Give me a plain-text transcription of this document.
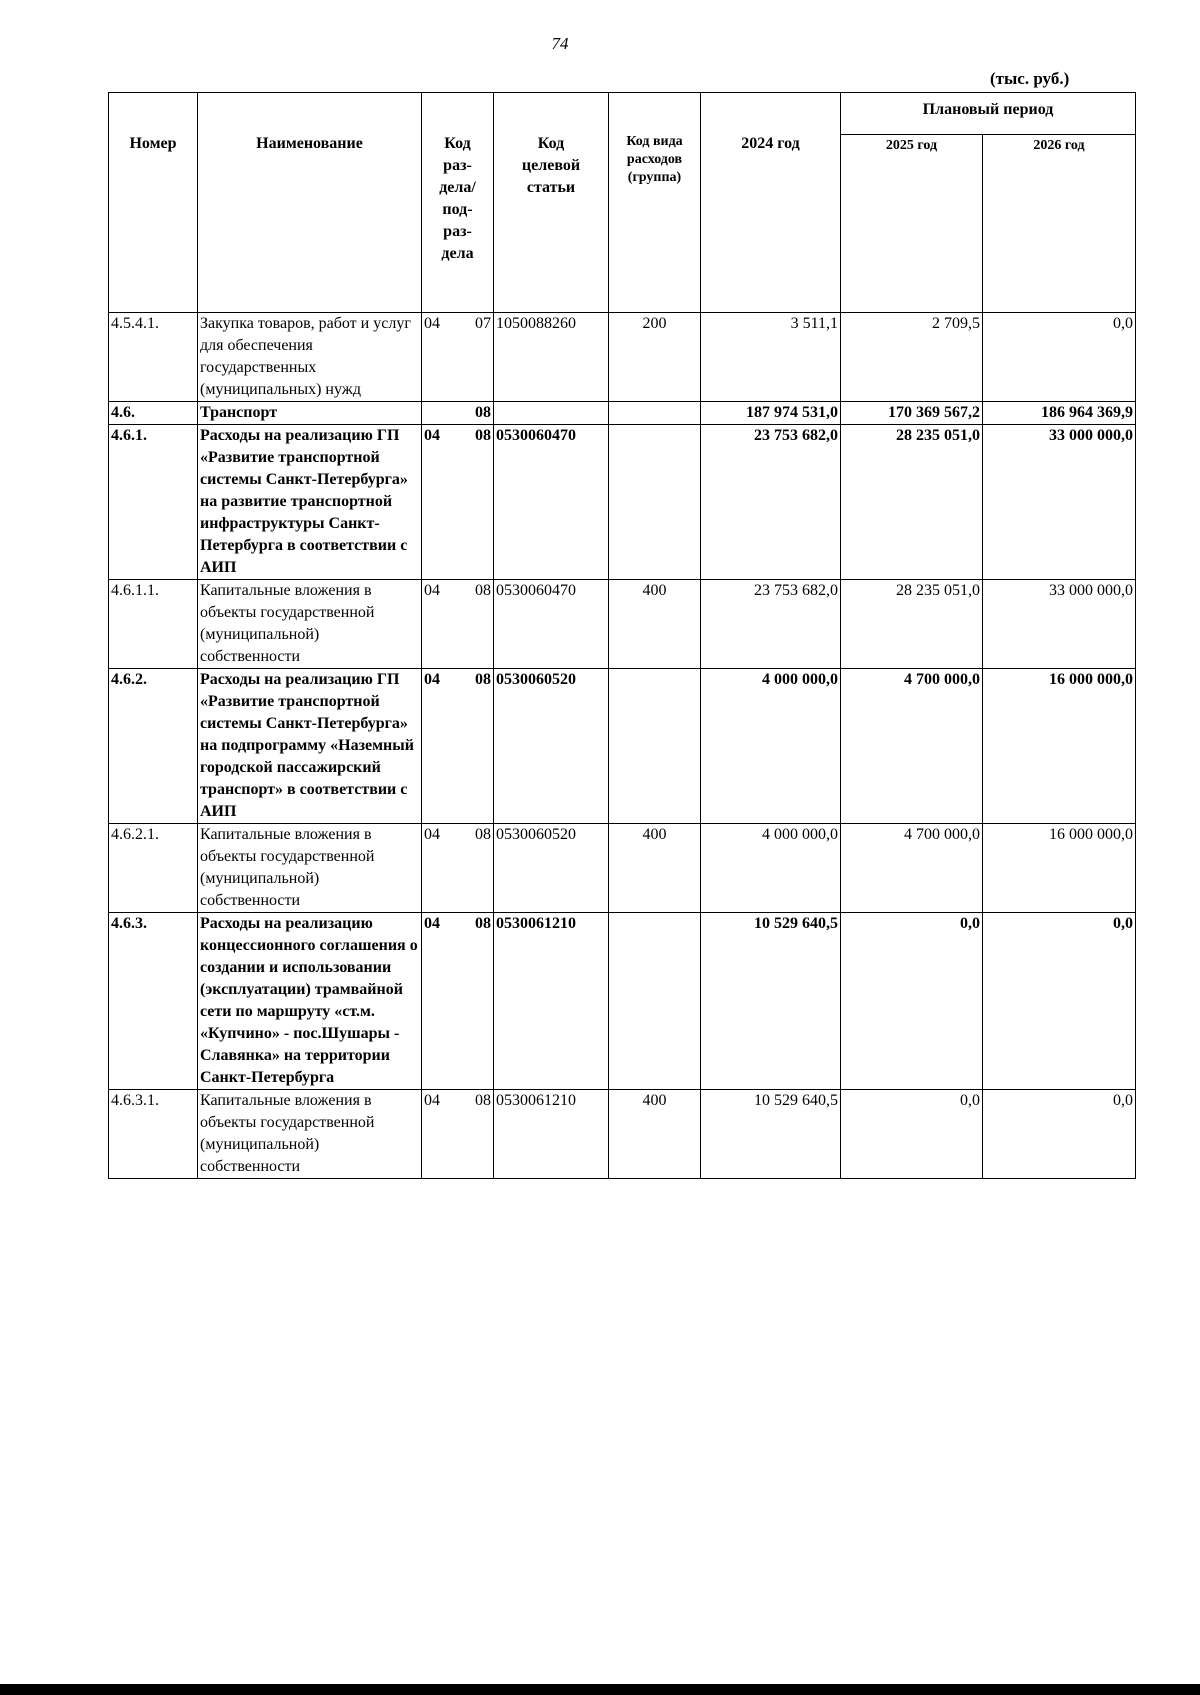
74
(тыс. руб.)
Номер	Наименование	Код раз-дела/ под-раз-дела	Код целевой статьи	Код вида расходов (группа)	2024 год	Плановый период	
						2025 год	2026 год
4.5.4.1.	Закупка товаров, работ и услуг для обеспечения государственных (муниципальных) нужд	04 07	1050088260	200	3 511,1	2 709,5	0,0
4.6.	Транспорт	08			187 974 531,0	170 369 567,2	186 964 369,9
4.6.1.	Расходы на реализацию ГП «Развитие транспортной системы Санкт-Петербурга» на развитие транспортной инфраструктуры Санкт-Петербурга в соответствии с АИП	04 08	0530060470		23 753 682,0	28 235 051,0	33 000 000,0
4.6.1.1.	Капитальные вложения в объекты государственной (муниципальной) собственности	04 08	0530060470	400	23 753 682,0	28 235 051,0	33 000 000,0
4.6.2.	Расходы на реализацию ГП «Развитие транспортной системы Санкт-Петербурга» на подпрограмму «Наземный городской пассажирский транспорт» в соответствии с АИП	04 08	0530060520		4 000 000,0	4 700 000,0	16 000 000,0
4.6.2.1.	Капитальные вложения в объекты государственной (муниципальной) собственности	04 08	0530060520	400	4 000 000,0	4 700 000,0	16 000 000,0
4.6.3.	Расходы на реализацию концессионного соглашения о создании и использовании (эксплуатации) трамвайной сети по маршруту «ст.м. «Купчино» - пос.Шушары - Славянка» на территории Санкт-Петербурга	04 08	0530061210		10 529 640,5	0,0	0,0
4.6.3.1.	Капитальные вложения в объекты государственной (муниципальной) собственности	04 08	0530061210	400	10 529 640,5	0,0	0,0
